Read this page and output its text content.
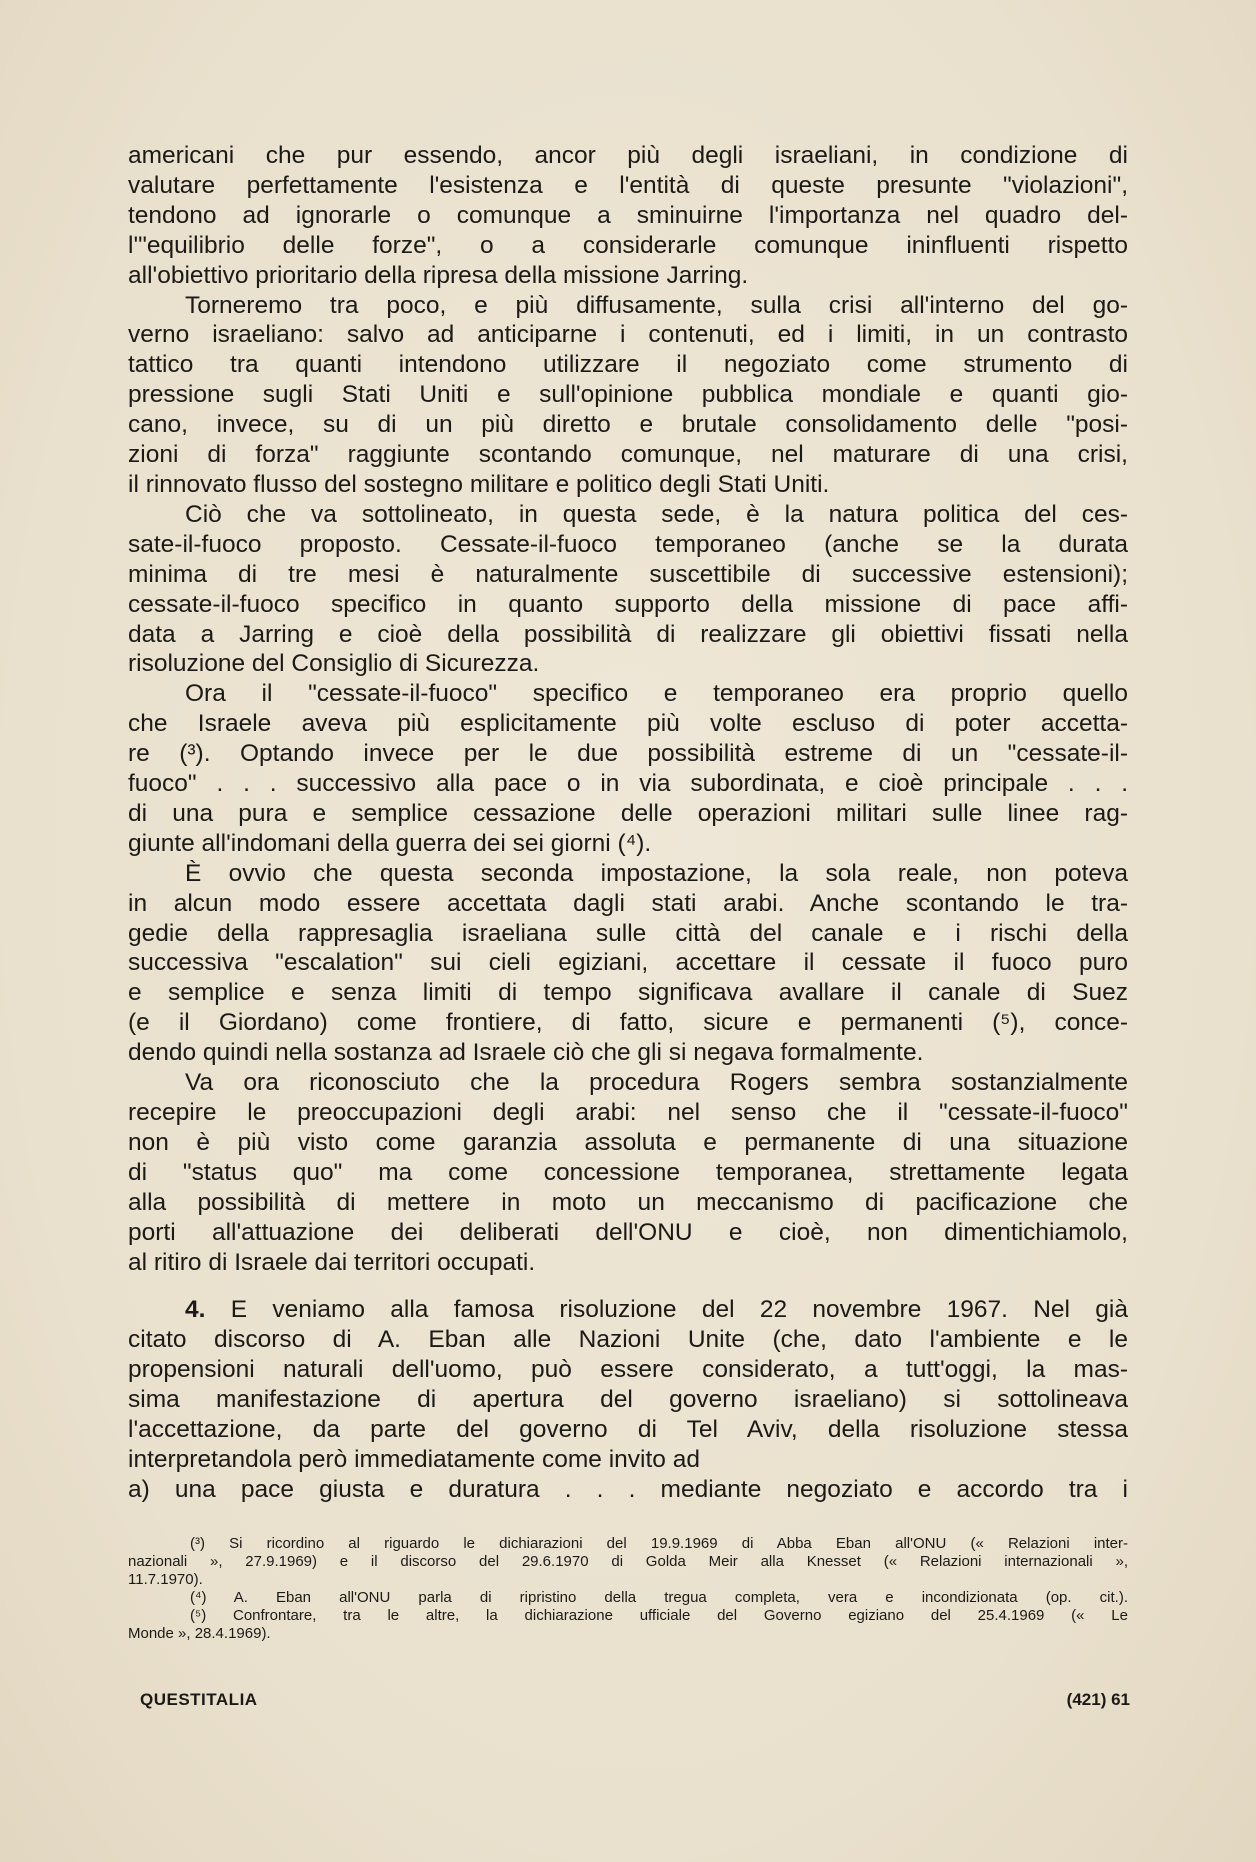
americani che pur essendo, ancor più degli israeliani, in condizione di
valutare perfettamente l'esistenza e l'entità di queste presunte "violazioni",
tendono ad ignorarle o comunque a sminuirne l'importanza nel quadro del-
l'"equilibrio delle forze", o a considerarle comunque ininfluenti rispetto
all'obiettivo prioritario della ripresa della missione Jarring.
Torneremo tra poco, e più diffusamente, sulla crisi all'interno del go-
verno israeliano: salvo ad anticiparne i contenuti, ed i limiti, in un contrasto
tattico tra quanti intendono utilizzare il negoziato come strumento di
pressione sugli Stati Uniti e sull'opinione pubblica mondiale e quanti gio-
cano, invece, su di un più diretto e brutale consolidamento delle "posi-
zioni di forza" raggiunte scontando comunque, nel maturare di una crisi,
il rinnovato flusso del sostegno militare e politico degli Stati Uniti.
Ciò che va sottolineato, in questa sede, è la natura politica del ces-
sate-il-fuoco proposto. Cessate-il-fuoco temporaneo (anche se la durata
minima di tre mesi è naturalmente suscettibile di successive estensioni);
cessate-il-fuoco specifico in quanto supporto della missione di pace affi-
data a Jarring e cioè della possibilità di realizzare gli obiettivi fissati nella
risoluzione del Consiglio di Sicurezza.
Ora il "cessate-il-fuoco" specifico e temporaneo era proprio quello
che Israele aveva più esplicitamente più volte escluso di poter accetta-
re (³). Optando invece per le due possibilità estreme di un "cessate-il-
fuoco" . . . successivo alla pace o in via subordinata, e cioè principale . . .
di una pura e semplice cessazione delle operazioni militari sulle linee rag-
giunte all'indomani della guerra dei sei giorni (⁴).
È ovvio che questa seconda impostazione, la sola reale, non poteva
in alcun modo essere accettata dagli stati arabi. Anche scontando le tra-
gedie della rappresaglia israeliana sulle città del canale e i rischi della
successiva "escalation" sui cieli egiziani, accettare il cessate il fuoco puro
e semplice e senza limiti di tempo significava avallare il canale di Suez
(e il Giordano) come frontiere, di fatto, sicure e permanenti (⁵), conce-
dendo quindi nella sostanza ad Israele ciò che gli si negava formalmente.
Va ora riconosciuto che la procedura Rogers sembra sostanzialmente
recepire le preoccupazioni degli arabi: nel senso che il "cessate-il-fuoco"
non è più visto come garanzia assoluta e permanente di una situazione
di "status quo" ma come concessione temporanea, strettamente legata
alla possibilità di mettere in moto un meccanismo di pacificazione che
porti all'attuazione dei deliberati dell'ONU e cioè, non dimentichiamolo,
al ritiro di Israele dai territori occupati.
4. E veniamo alla famosa risoluzione del 22 novembre 1967. Nel già
citato discorso di A. Eban alle Nazioni Unite (che, dato l'ambiente e le
propensioni naturali dell'uomo, può essere considerato, a tutt'oggi, la mas-
sima manifestazione di apertura del governo israeliano) si sottolineava
l'accettazione, da parte del governo di Tel Aviv, della risoluzione stessa
interpretandola però immediatamente come invito ad
a) una pace giusta e duratura . . . mediante negoziato e accordo tra i
(³) Si ricordino al riguardo le dichiarazioni del 19.9.1969 di Abba Eban all'ONU (« Relazioni inter-
nazionali », 27.9.1969) e il discorso del 29.6.1970 di Golda Meir alla Knesset (« Relazioni internazionali »,
11.7.1970).
(⁴) A. Eban all'ONU parla di ripristino della tregua completa, vera e incondizionata (op. cit.).
(⁵) Confrontare, tra le altre, la dichiarazione ufficiale del Governo egiziano del 25.4.1969 (« Le
Monde », 28.4.1969).
QUESTITALIA	(421) 61
